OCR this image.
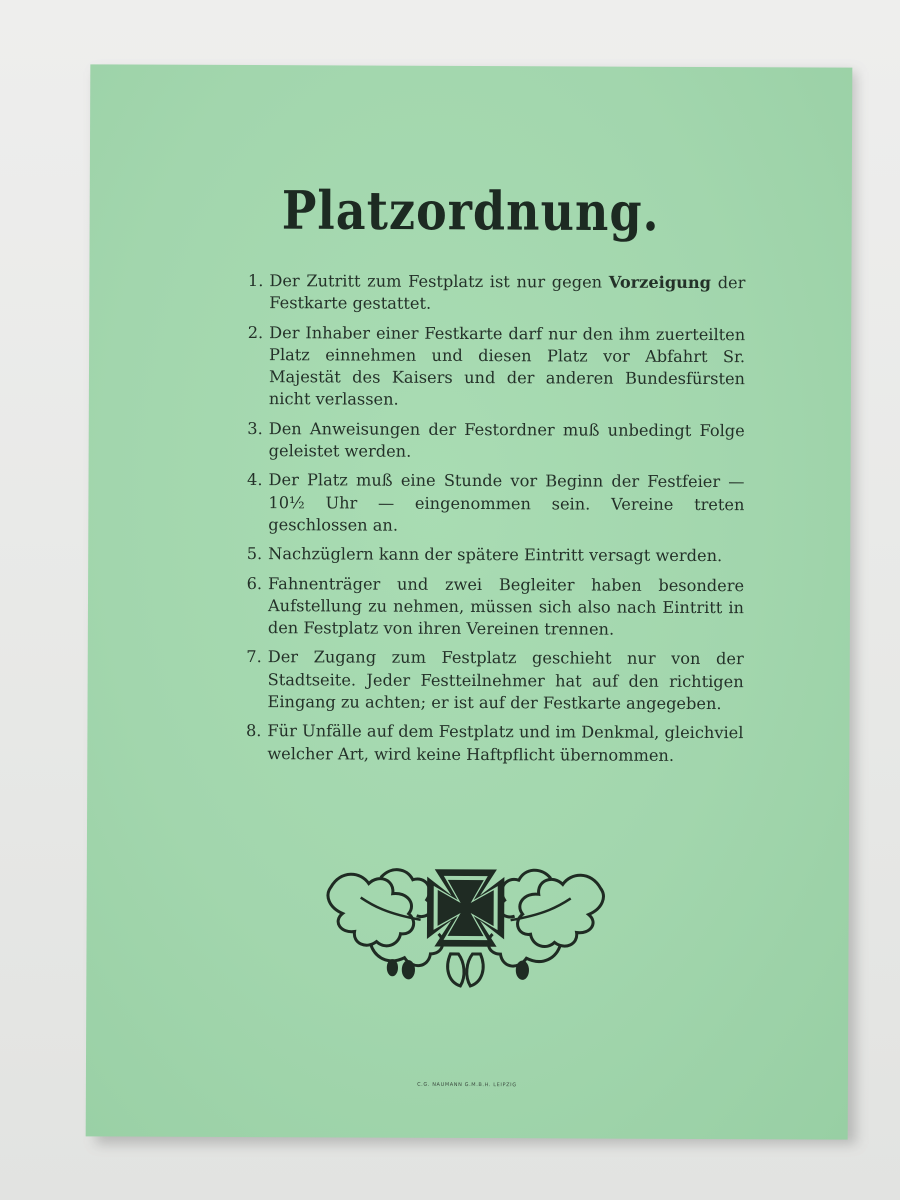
Platzordnung.
1. Der Zutritt zum Festplatz ist nur gegen Vorzeigung der Festkarte gestattet.
2. Der Inhaber einer Festkarte darf nur den ihm zuerteilten Platz einnehmen und diesen Platz vor Abfahrt Sr. Majestät des Kaisers und der anderen Bundesfürsten nicht verlassen.
3. Den Anweisungen der Festordner muß unbedingt Folge geleistet werden.
4. Der Platz muß eine Stunde vor Beginn der Festfeier — 10½ Uhr — eingenommen sein. Vereine treten geschlossen an.
5. Nachzüglern kann der spätere Eintritt versagt werden.
6. Fahnenträger und zwei Begleiter haben besondere Aufstellung zu nehmen, müssen sich also nach Eintritt in den Festplatz von ihren Vereinen trennen.
7. Der Zugang zum Festplatz geschieht nur von der Stadtseite. Jeder Festteilnehmer hat auf den richtigen Eingang zu achten; er ist auf der Festkarte angegeben.
8. Für Unfälle auf dem Festplatz und im Denkmal, gleichviel welcher Art, wird keine Haftpflicht übernommen.
C.G. NAUMANN G.M.B.H. LEIPZIG
